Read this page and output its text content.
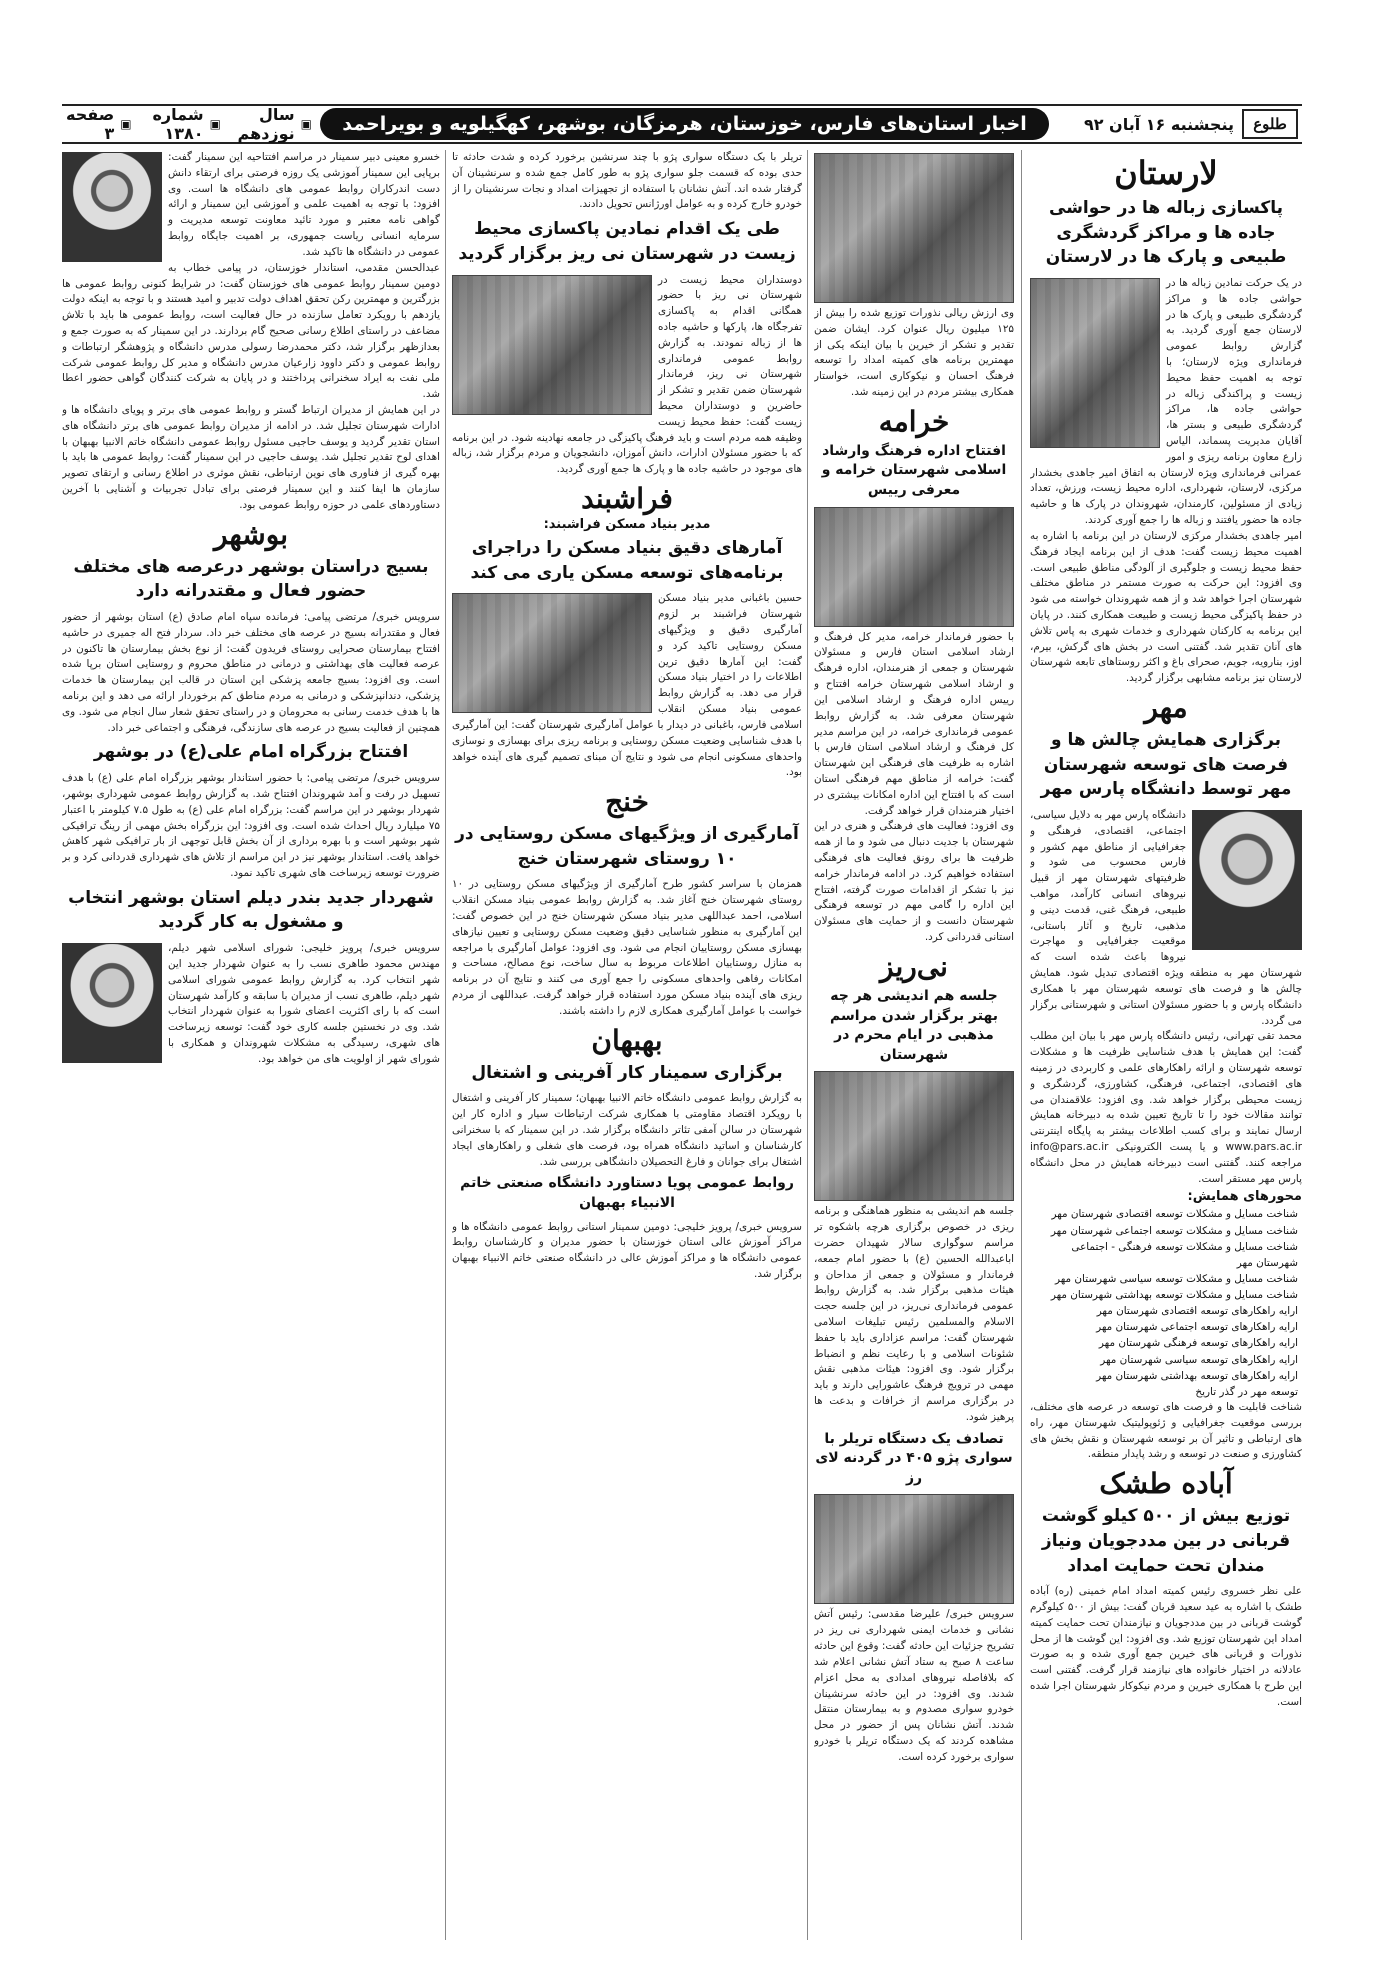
طلوع
پنجشنبه ۱۶ آبان ۹۲
اخبار استان‌های فارس، خوزستان، هرمزگان، بوشهر، کهگیلویه و بویراحمد
▣
سال نوزدهم
▣
شماره ۱۳۸۰
▣
صفحه ۳
لارستان
پاکسازی زباله ها در حواشی جاده ها و مراکز گردشگری طبیعی و پارک ها در لارستان

در یک حرکت نمادین زباله ها در حواشی جاده ها و مراکز گردشگری طبیعی و پارک ها در لارستان جمع آوری گردید. به گزارش روابط عمومی فرمانداری ویژه لارستان؛ با توجه به اهمیت حفظ محیط زیست و پراکندگی زباله در حواشی جاده ها، مراکز گردشگری طبیعی و بستر ها، آقایان مدیریت پسماند، الیاس زارع معاون برنامه ریزی و امور عمرانی فرمانداری ویژه لارستان به اتفاق امیر جاهدی بخشدار مرکزی، لارستان، شهرداری، اداره محیط زیست، ورزش، تعداد زیادی از مسئولین، کارمندان، شهروندان در پارک ها و حاشیه جاده ها حضور یافتند و زباله ها را جمع آوری کردند.

امیر جاهدی بخشدار مرکزی لارستان در این برنامه با اشاره به اهمیت محیط زیست گفت: هدف از این برنامه ایجاد فرهنگ حفظ محیط زیست و جلوگیری از آلودگی مناطق طبیعی است. وی افزود: این حرکت به صورت مستمر در مناطق مختلف شهرستان اجرا خواهد شد و از همه شهروندان خواسته می شود در حفظ پاکیزگی محیط زیست و طبیعت همکاری کنند. در پایان این برنامه به کارکنان شهرداری و خدمات شهری به پاس تلاش های آنان تقدیر شد. گفتنی است در بخش های گرکش، بیرم، اوز، بنارویه، جویم، صحرای باغ و اکثر روستاهای تابعه شهرستان لارستان نیز برنامه مشابهی برگزار گردید.

مهر
برگزاری همایش چالش ها و فرصت های توسعه شهرستان مهر توسط دانشگاه پارس مهر

دانشگاه پارس مهر به دلایل سیاسی، اجتماعی، اقتصادی، فرهنگی و جغرافیایی از مناطق مهم کشور و فارس محسوب می شود و ظرفیتهای شهرستان مهر از قبیل نیروهای انسانی کارآمد، مواهب طبیعی، فرهنگ غنی، قدمت دینی و مذهبی، تاریخ و آثار باستانی، موقعیت جغرافیایی و مهاجرت نیروها باعث شده است که شهرستان مهر به منطقه ویژه اقتصادی تبدیل شود. همایش چالش ها و فرصت های توسعه شهرستان مهر با همکاری دانشگاه پارس و با حضور مسئولان استانی و شهرستانی برگزار می گردد.

محمد تقی تهرانی، رئیس دانشگاه پارس مهر با بیان این مطلب گفت: این همایش با هدف شناسایی ظرفیت ها و مشکلات توسعه شهرستان و ارائه راهکارهای علمی و کاربردی در زمینه های اقتصادی، اجتماعی، فرهنگی، کشاورزی، گردشگری و زیست محیطی برگزار خواهد شد. وی افزود: علاقمندان می توانند مقالات خود را تا تاریخ تعیین شده به دبیرخانه همایش ارسال نمایند و برای کسب اطلاعات بیشتر به پایگاه اینترنتی www.pars.ac.ir و یا پست الکترونیکی info@pars.ac.ir مراجعه کنند. گفتنی است دبیرخانه همایش در محل دانشگاه پارس مهر مستقر است.

محورهای همایش:
شناخت مسایل و مشکلات توسعه اقتصادی شهرستان مهر
شناخت مسایل و مشکلات توسعه اجتماعی شهرستان مهر
شناخت مسایل و مشکلات توسعه فرهنگی - اجتماعی شهرستان مهر
شناخت مسایل و مشکلات توسعه سیاسی شهرستان مهر
شناخت مسایل و مشکلات توسعه بهداشتی شهرستان مهر
ارایه راهکارهای توسعه اقتصادی شهرستان مهر
ارایه راهکارهای توسعه اجتماعی شهرستان مهر
ارایه راهکارهای توسعه فرهنگی شهرستان مهر
ارایه راهکارهای توسعه سیاسی شهرستان مهر
ارایه راهکارهای توسعه بهداشتی شهرستان مهر
توسعه مهر در گذر تاریخ

شناخت قابلیت ها و فرصت های توسعه در عرصه های مختلف، بررسی موقعیت جغرافیایی و ژئوپولیتیک شهرستان مهر، راه های ارتباطی و تاثیر آن بر توسعه شهرستان و نقش بخش های کشاورزی و صنعت در توسعه و رشد پایدار منطقه.

آباده طشک
توزیع بیش از ۵۰۰ کیلو گوشت قربانی در بین مددجویان ونیاز مندان تحت حمایت امداد

علی نظر خسروی رئیس کمیته امداد امام خمینی (ره) آباده طشک با اشاره به عید سعید قربان گفت: بیش از ۵۰۰ کیلوگرم گوشت قربانی در بین مددجویان و نیازمندان تحت حمایت کمیته امداد این شهرستان توزیع شد. وی افزود: این گوشت ها از محل نذورات و قربانی های خیرین جمع آوری شده و به صورت عادلانه در اختیار خانواده های نیازمند قرار گرفت. گفتنی است این طرح با همکاری خیرین و مردم نیکوکار شهرستان اجرا شده است.

وی ارزش ریالی نذورات توزیع شده را بیش از ۱۲۵ میلیون ریال عنوان کرد. ایشان ضمن تقدیر و تشکر از خیرین با بیان اینکه یکی از مهمترین برنامه های کمیته امداد را توسعه فرهنگ احسان و نیکوکاری است، خواستار همکاری بیشتر مردم در این زمینه شد.

خرامه
افتتاح اداره فرهنگ وارشاد اسلامی شهرستان خرامه و معرفی رییس

با حضور فرماندار خرامه، مدیر کل فرهنگ و ارشاد اسلامی استان فارس و مسئولان شهرستان و جمعی از هنرمندان، اداره فرهنگ و ارشاد اسلامی شهرستان خرامه افتتاح و رییس اداره فرهنگ و ارشاد اسلامی این شهرستان معرفی شد. به گزارش روابط عمومی فرمانداری خرامه، در این مراسم مدیر کل فرهنگ و ارشاد اسلامی استان فارس با اشاره به ظرفیت های فرهنگی این شهرستان گفت: خرامه از مناطق مهم فرهنگی استان است که با افتتاح این اداره امکانات بیشتری در اختیار هنرمندان قرار خواهد گرفت.

وی افزود: فعالیت های فرهنگی و هنری در این شهرستان با جدیت دنبال می شود و ما از همه ظرفیت ها برای رونق فعالیت های فرهنگی استفاده خواهیم کرد. در ادامه فرماندار خرامه نیز با تشکر از اقدامات صورت گرفته، افتتاح این اداره را گامی مهم در توسعه فرهنگی شهرستان دانست و از حمایت های مسئولان استانی قدردانی کرد.

نی‌ریز
جلسه هم اندیشی هر چه بهتر برگزار شدن مراسم مذهبی در ایام محرم در شهرستان

جلسه هم اندیشی به منظور هماهنگی و برنامه ریزی در خصوص برگزاری هرچه باشکوه تر مراسم سوگواری سالار شهیدان حضرت اباعبدالله الحسین (ع) با حضور امام جمعه، فرماندار و مسئولان و جمعی از مداحان و هیئات مذهبی برگزار شد. به گزارش روابط عمومی فرمانداری نی‌ریز، در این جلسه حجت الاسلام والمسلمین رئیس تبلیغات اسلامی شهرستان گفت: مراسم عزاداری باید با حفظ شئونات اسلامی و با رعایت نظم و انضباط برگزار شود. وی افزود: هیئات مذهبی نقش مهمی در ترویج فرهنگ عاشورایی دارند و باید در برگزاری مراسم از خرافات و بدعت ها پرهیز شود.

تصادف یک دستگاه تریلر با سواری پژو ۴۰۵ در گردنه لای رز

سرویس خبری/ علیرضا مقدسی: رئیس آتش نشانی و خدمات ایمنی شهرداری نی ریز در تشریح جزئیات این حادثه گفت: وقوع این حادثه ساعت ۸ صبح به ستاد آتش نشانی اعلام شد که بلافاصله نیروهای امدادی به محل اعزام شدند. وی افزود: در این حادثه سرنشینان خودرو سواری مصدوم و به بیمارستان منتقل شدند. آتش نشانان پس از حضور در محل مشاهده کردند که یک دستگاه تریلر با خودرو سواری برخورد کرده است.

تریلر با یک دستگاه سواری پژو با چند سرنشین برخورد کرده و شدت حادثه تا حدی بوده که قسمت جلو سواری پژو به طور کامل جمع شده و سرنشینان آن گرفتار شده اند. آتش نشانان با استفاده از تجهیزات امداد و نجات سرنشینان را از خودرو خارج کرده و به عوامل اورژانس تحویل دادند.

طی یک اقدام نمادین پاکسازی محیط زیست در شهرستان نی ریز برگزار گردید

دوستداران محیط زیست در شهرستان نی ریز با حضور همگانی اقدام به پاکسازی تفرجگاه ها، پارکها و حاشیه جاده ها از زباله نمودند. به گزارش روابط عمومی فرمانداری شهرستان نی ریز، فرماندار شهرستان ضمن تقدیر و تشکر از حاضرین و دوستداران محیط زیست گفت: حفظ محیط زیست وظیفه همه مردم است و باید فرهنگ پاکیزگی در جامعه نهادینه شود. در این برنامه که با حضور مسئولان ادارات، دانش آموزان، دانشجویان و مردم برگزار شد، زباله های موجود در حاشیه جاده ها و پارک ها جمع آوری گردید.

فراشبند
مدیر بنیاد مسکن فراشبند:
آمارهای دقیق بنیاد مسکن را دراجرای برنامه‌های توسعه مسکن یاری می کند

حسین باغبانی مدیر بنیاد مسکن شهرستان فراشبند بر لزوم آمارگیری دقیق و ویژگیهای مسکن روستایی تاکید کرد و گفت: این آمارها دقیق ترین اطلاعات را در اختیار بنیاد مسکن قرار می دهد. به گزارش روابط عمومی بنیاد مسکن انقلاب اسلامی فارس، باغبانی در دیدار با عوامل آمارگیری شهرستان گفت: این آمارگیری با هدف شناسایی وضعیت مسکن روستایی و برنامه ریزی برای بهسازی و نوسازی واحدهای مسکونی انجام می شود و نتایج آن مبنای تصمیم گیری های آینده خواهد بود.

خنج
آمارگیری از ویژگیهای مسکن روستایی در ۱۰ روستای شهرستان خنج

همزمان با سراسر کشور طرح آمارگیری از ویژگیهای مسکن روستایی در ۱۰ روستای شهرستان خنج آغاز شد. به گزارش روابط عمومی بنیاد مسکن انقلاب اسلامی، احمد عبداللهی مدیر بنیاد مسکن شهرستان خنج در این خصوص گفت: این آمارگیری به منظور شناسایی دقیق وضعیت مسکن روستایی و تعیین نیازهای بهسازی مسکن روستاییان انجام می شود. وی افزود: عوامل آمارگیری با مراجعه به منازل روستاییان اطلاعات مربوط به سال ساخت، نوع مصالح، مساحت و امکانات رفاهی واحدهای مسکونی را جمع آوری می کنند و نتایج آن در برنامه ریزی های آینده بنیاد مسکن مورد استفاده قرار خواهد گرفت. عبداللهی از مردم خواست با عوامل آمارگیری همکاری لازم را داشته باشند.

بهبهان
برگزاری سمینار کار آفرینی و اشتغال

به گزارش روابط عمومی دانشگاه خاتم الانبیا بهبهان؛ سمینار کار آفرینی و اشتغال با رویکرد اقتصاد مقاومتی با همکاری شرکت ارتباطات سیار و اداره کار این شهرستان در سالن آمفی تئاتر دانشگاه برگزار شد. در این سمینار که با سخنرانی کارشناسان و اساتید دانشگاه همراه بود، فرصت های شغلی و راهکارهای ایجاد اشتغال برای جوانان و فارغ التحصیلان دانشگاهی بررسی شد.

روابط عمومی پویا دستاورد دانشگاه صنعتی خاتم الانبیاء بهبهان

سرویس خبری/ پرویز خلیجی: دومین سمینار استانی روابط عمومی دانشگاه ها و مراکز آموزش عالی استان خوزستان با حضور مدیران و کارشناسان روابط عمومی دانشگاه ها و مراکز آموزش عالی در دانشگاه صنعتی خاتم الانبیاء بهبهان برگزار شد.

خسرو معینی دبیر سمینار در مراسم افتتاحیه این سمینار گفت: برپایی این سمینار آموزشی یک روزه فرصتی برای ارتقاء دانش دست اندرکاران روابط عمومی های دانشگاه ها است. وی افزود: با توجه به اهمیت علمی و آموزشی این سمینار و ارائه گواهی نامه معتبر و مورد تائید معاونت توسعه مدیریت و سرمایه انسانی ریاست جمهوری، بر اهمیت جایگاه روابط عمومی در دانشگاه ها تاکید شد.

عبدالحسن مقدمی، استاندار خوزستان، در پیامی خطاب به دومین سمینار روابط عمومی های خوزستان گفت: در شرایط کنونی روابط عمومی ها بزرگترین و مهمترین رکن تحقق اهداف دولت تدبیر و امید هستند و با توجه به اینکه دولت یازدهم با رویکرد تعامل سازنده در حال فعالیت است، روابط عمومی ها باید با تلاش مضاعف در راستای اطلاع رسانی صحیح گام بردارند. در این سمینار که به صورت جمع و بعدازظهر برگزار شد، دکتر محمدرضا رسولی مدرس دانشگاه و پژوهشگر ارتباطات و روابط عمومی و دکتر داوود زارعیان مدرس دانشگاه و مدیر کل روابط عمومی شرکت ملی نفت به ایراد سخنرانی پرداختند و در پایان به شرکت کنندگان گواهی حضور اعطا شد.

در این همایش از مدیران ارتباط گستر و روابط عمومی های برتر و پویای دانشگاه ها و ادارات شهرستان تجلیل شد. در ادامه از مدیران روابط عمومی های برتر دانشگاه های استان تقدیر گردید و یوسف حاجیی مسئول روابط عمومی دانشگاه خاتم الانبیا بهبهان با اهدای لوح تقدیر تجلیل شد. یوسف حاجیی در این سمینار گفت: روابط عمومی ها باید با بهره گیری از فناوری های نوین ارتباطی، نقش موثری در اطلاع رسانی و ارتقای تصویر سازمان ها ایفا کنند و این سمینار فرصتی برای تبادل تجربیات و آشنایی با آخرین دستاوردهای علمی در حوزه روابط عمومی بود.

بوشهر
بسیج دراستان بوشهر درعرصه های مختلف حضور فعال و مقتدرانه دارد

سرویس خبری/ مرتضی پیامی: فرمانده سپاه امام صادق (ع) استان بوشهر از حضور فعال و مقتدرانه بسیج در عرصه های مختلف خبر داد. سردار فتح اله جمیری در حاشیه افتتاح بیمارستان صحرایی روستای فریدون گفت: از نوع بخش بیمارستان ها تاکنون در عرصه فعالیت های بهداشتی و درمانی در مناطق محروم و روستایی استان برپا شده است. وی افزود: بسیج جامعه پزشکی این استان در قالب این بیمارستان ها خدمات پزشکی، دندانپزشکی و درمانی به مردم مناطق کم برخوردار ارائه می دهد و این برنامه ها با هدف خدمت رسانی به محرومان و در راستای تحقق شعار سال انجام می شود. وی همچنین از فعالیت بسیج در عرصه های سازندگی، فرهنگی و اجتماعی خبر داد.

افتتاح بزرگراه امام علی(ع) در بوشهر

سرویس خبری/ مرتضی پیامی: با حضور استاندار بوشهر بزرگراه امام علی (ع) با هدف تسهیل در رفت و آمد شهروندان افتتاح شد. به گزارش روابط عمومی شهرداری بوشهر، شهردار بوشهر در این مراسم گفت: بزرگراه امام علی (ع) به طول ۷.۵ کیلومتر با اعتبار ۷۵ میلیارد ریال احداث شده است. وی افزود: این بزرگراه بخش مهمی از رینگ ترافیکی شهر بوشهر است و با بهره برداری از آن بخش قابل توجهی از بار ترافیکی شهر کاهش خواهد یافت. استاندار بوشهر نیز در این مراسم از تلاش های شهرداری قدردانی کرد و بر ضرورت توسعه زیرساخت های شهری تاکید نمود.

شهردار جدید بندر دیلم استان بوشهر انتخاب و مشغول به کار گردید

سرویس خبری/ پرویز خلیجی: شورای اسلامی شهر دیلم، مهندس محمود طاهری نسب را به عنوان شهردار جدید این شهر انتخاب کرد. به گزارش روابط عمومی شورای اسلامی شهر دیلم، طاهری نسب از مدیران با سابقه و کارآمد شهرستان است که با رای اکثریت اعضای شورا به عنوان شهردار انتخاب شد. وی در نخستین جلسه کاری خود گفت: توسعه زیرساخت های شهری، رسیدگی به مشکلات شهروندان و همکاری با شورای شهر از اولویت های من خواهد بود.
